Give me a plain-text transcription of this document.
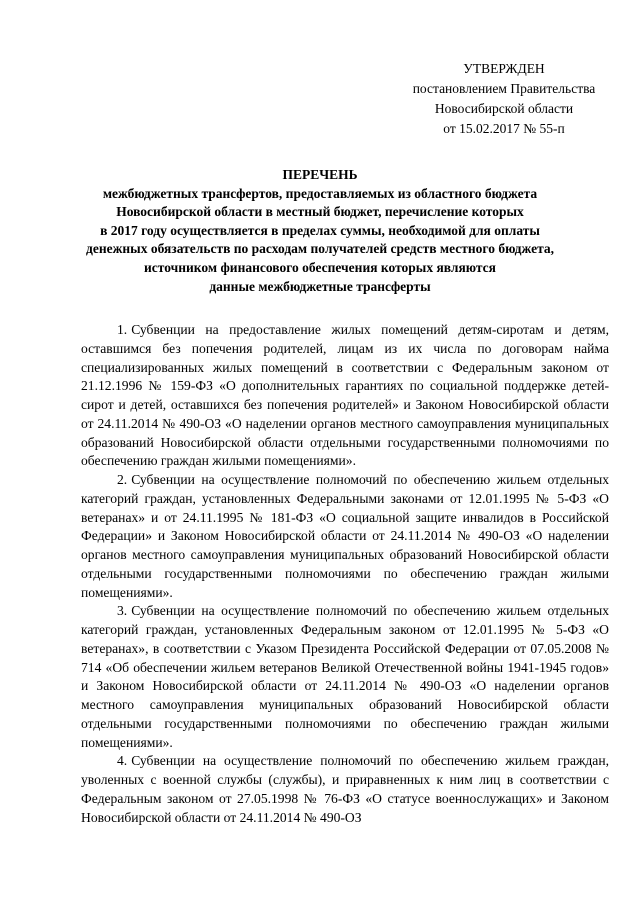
УТВЕРЖДЕН
постановлением Правительства
Новосибирской области
от 15.02.2017 № 55-п
ПЕРЕЧЕНЬ
межбюджетных трансфертов, предоставляемых из областного бюджета
Новосибирской области в местный бюджет, перечисление которых
в 2017 году осуществляется в пределах суммы, необходимой для оплаты
денежных обязательств по расходам получателей средств местного бюджета,
источником финансового обеспечения которых являются
данные межбюджетные трансферты

1. Субвенции на предоставление жилых помещений детям-сиротам и детям, оставшимся без попечения родителей, лицам из их числа по договорам найма специализированных жилых помещений в соответствии с Федеральным законом от 21.12.1996 № 159-ФЗ «О дополнительных гарантиях по социальной поддержке детей-сирот и детей, оставшихся без попечения родителей» и Законом Новосибирской области от 24.11.2014 № 490-ОЗ «О наделении органов местного самоуправления муниципальных образований Новосибирской области отдельными государственными полномочиями по обеспечению граждан жилыми помещениями».

2. Субвенции на осуществление полномочий по обеспечению жильем отдельных категорий граждан, установленных Федеральными законами от 12.01.1995 № 5-ФЗ «О ветеранах» и от 24.11.1995 № 181-ФЗ «О социальной защите инвалидов в Российской Федерации» и Законом Новосибирской области от 24.11.2014 № 490-ОЗ «О наделении органов местного самоуправления муниципальных образований Новосибирской области отдельными государственными полномочиями по обеспечению граждан жилыми помещениями».

3. Субвенции на осуществление полномочий по обеспечению жильем отдельных категорий граждан, установленных Федеральным законом от 12.01.1995 № 5-ФЗ «О ветеранах», в соответствии с Указом Президента Российской Федерации от 07.05.2008 № 714 «Об обеспечении жильем ветеранов Великой Отечественной войны 1941-1945 годов» и Законом Новосибирской области от 24.11.2014 № 490-ОЗ «О наделении органов местного самоуправления муниципальных образований Новосибирской области отдельными государственными полномочиями по обеспечению граждан жилыми помещениями».

4. Субвенции на осуществление полномочий по обеспечению жильем граждан, уволенных с военной службы (службы), и приравненных к ним лиц в соответствии с Федеральным законом от 27.05.1998 № 76-ФЗ «О статусе военнослужащих» и Законом Новосибирской области от 24.11.2014 № 490-ОЗ
